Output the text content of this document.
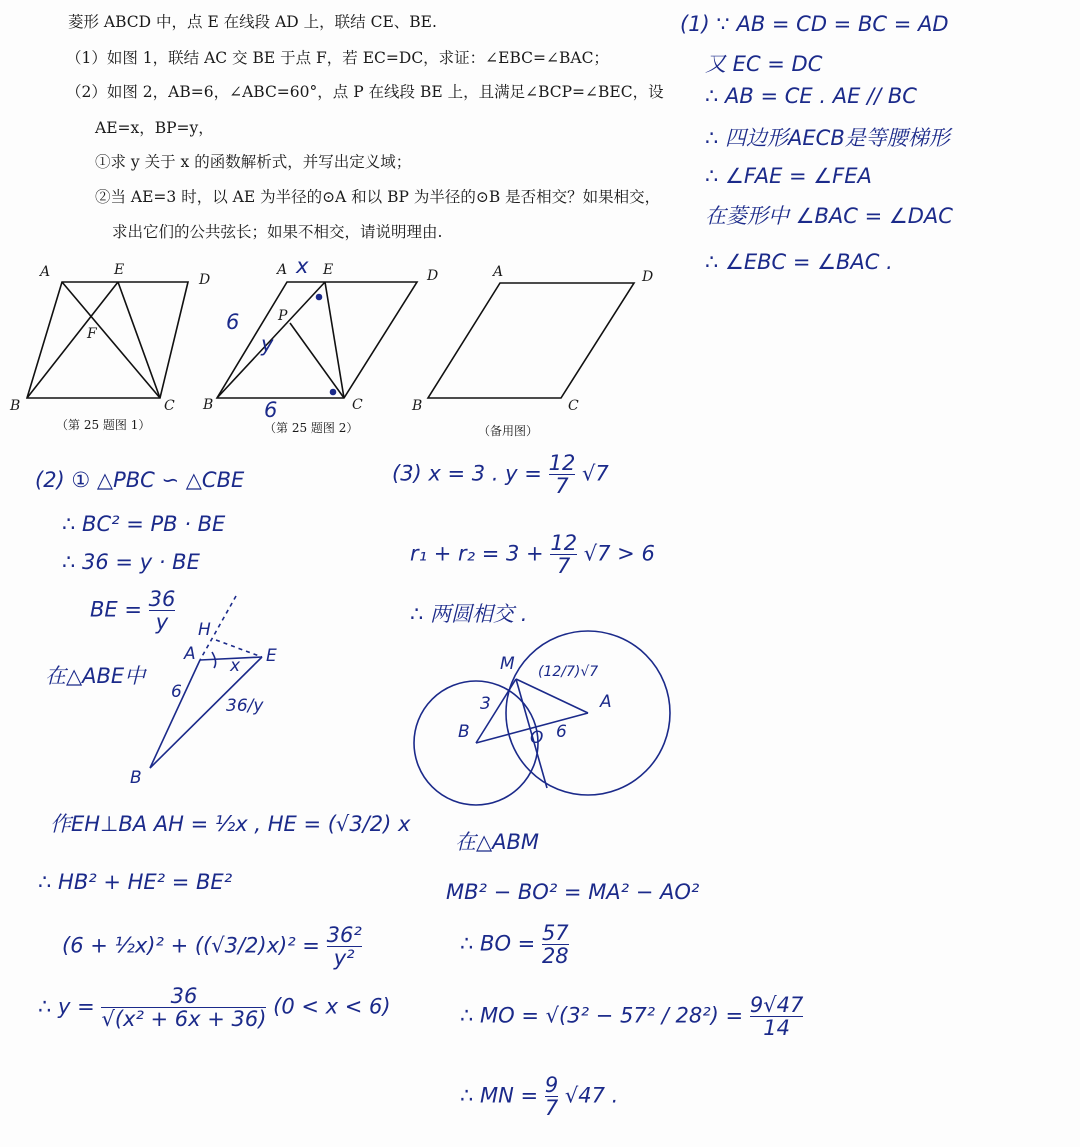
菱形 ABCD 中，点 E 在线段 AD 上，联结 CE、BE.
（1）如图 1，联结 AC 交 BE 于点 F，若 EC=DC，求证：∠EBC=∠BAC；
（2）如图 2，AB=6，∠ABC=60°，点 P 在线段 BE 上，且满足∠BCP=∠BEC，设
AE=x，BP=y，
①求 y 关于 x 的函数解析式，并写出定义域；
②当 AE=3 时，以 AE 为半径的⊙A 和以 BP 为半径的⊙B 是否相交？如果相交，
求出它们的公共弦长；如果不相交，请说明理由.
A	E
D
F
B	C
（第 25 题图 1）
A	E	D
P
B	C
x
6
y
6
（第 25 题图 2）
A	D
B	C
（备用图）
(1) ∵ AB = CD = BC = AD
又 EC = DC
∴ AB = CE . AE // BC
∴ 四边形AECB是等腰梯形
∴ ∠FAE = ∠FEA
在菱形中 ∠BAC = ∠DAC
∴ ∠EBC = ∠BAC .
(2) ① △PBC ∽ △CBE
∴ BC² = PB · BE
∴ 36 = y · BE
BE = $\frac{36}{y}$
在△ABE中
H
A	E
6
x
B
36/y
作EH⊥BA AH = ½x , HE = (√3/2) x
∴ HB² + HE² = BE²
(6 + ½x)² + $((√3/2)x)^2 = \frac{\text{36²}}{\text{y²}}$
∴ $y = \frac{36}{\text{√(x² + 6x + 36)}} (0 < x < 6)$
(3) x = 3 . $y = \frac{12}{7} √7$
$r_1 + r_2 = 3 + \frac{12}{7} √7 > 6$
∴ 两圆相交 .
M
B
A
3
6
O
(12/7)√7
在△ABM
MB² − BO² = MA² − AO²
∴ BO = $\frac{57}{28}$
∴ MO = $√(3^2 - 57^2 / 28^2) = \frac{9√47}{14}$
∴ MN = $\frac{9}{7} √47$ .
